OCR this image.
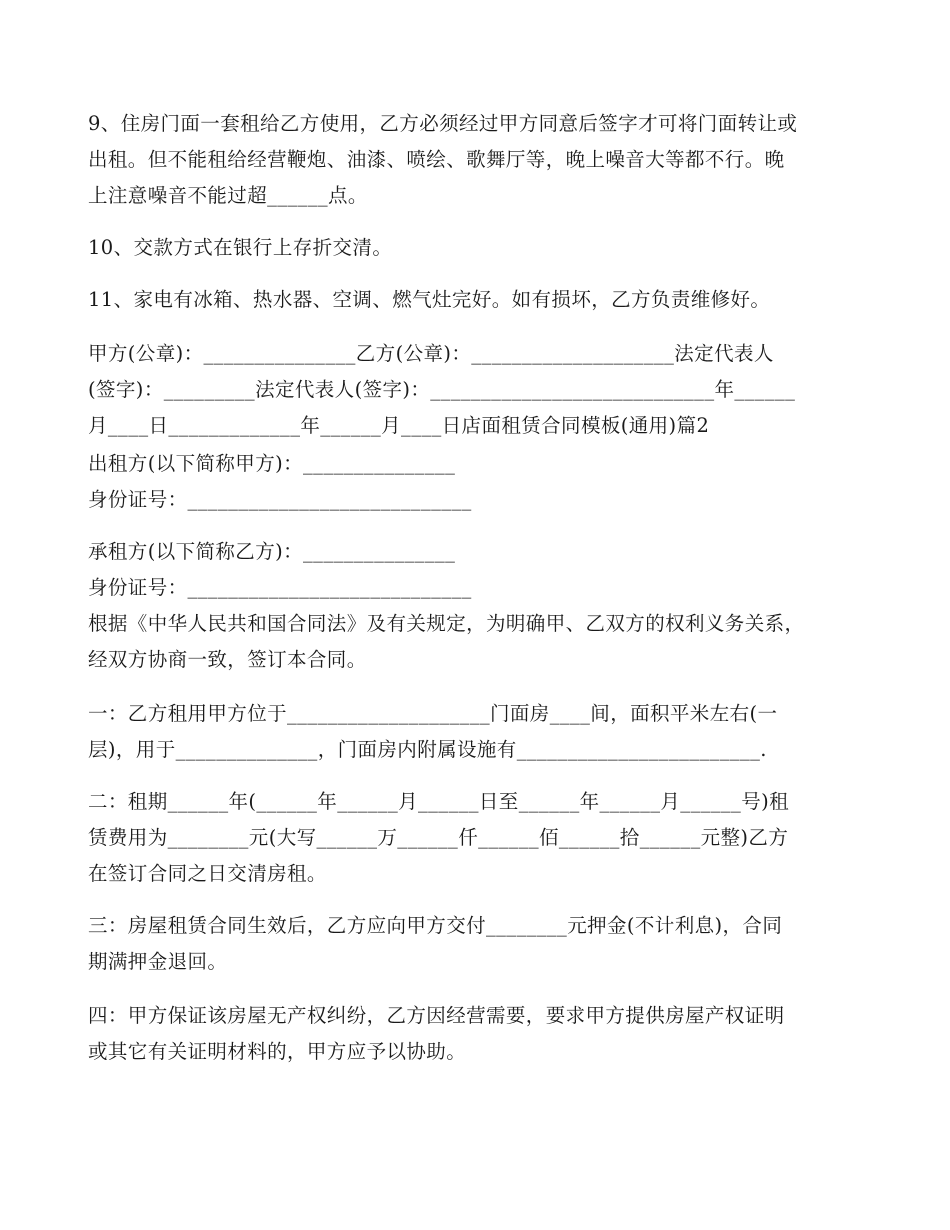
9、住房门面一套租给乙方使用，乙方必须经过甲方同意后签字才可将门面转让或
出租。但不能租给经营鞭炮、油漆、喷绘、歌舞厅等，晚上噪音大等都不行。晚
上注意噪音不能过超______点。
10、交款方式在银行上存折交清。
11、家电有冰箱、热水器、空调、燃气灶完好。如有损坏，乙方负责维修好。
甲方(公章)：_______________乙方(公章)：____________________法定代表人
(签字)：_________法定代表人(签字)：____________________________年______
月____日_____________年______月____日店面租赁合同模板(通用)篇2
出租方(以下简称甲方)：_______________
身份证号：____________________________
承租方(以下简称乙方)：_______________
身份证号：____________________________
根据《中华人民共和国合同法》及有关规定，为明确甲、乙双方的权利义务关系，
经双方协商一致，签订本合同。
一：乙方租用甲方位于____________________门面房____间，面积平米左右(一
层)，用于______________，门面房内附属设施有________________________.
二：租期______年(______年______月______日至______年______月______号)租
赁费用为________元(大写______万______仟______佰______拾______元整)乙方
在签订合同之日交清房租。
三：房屋租赁合同生效后，乙方应向甲方交付________元押金(不计利息)，合同
期满押金退回。
四：甲方保证该房屋无产权纠纷，乙方因经营需要，要求甲方提供房屋产权证明
或其它有关证明材料的，甲方应予以协助。
